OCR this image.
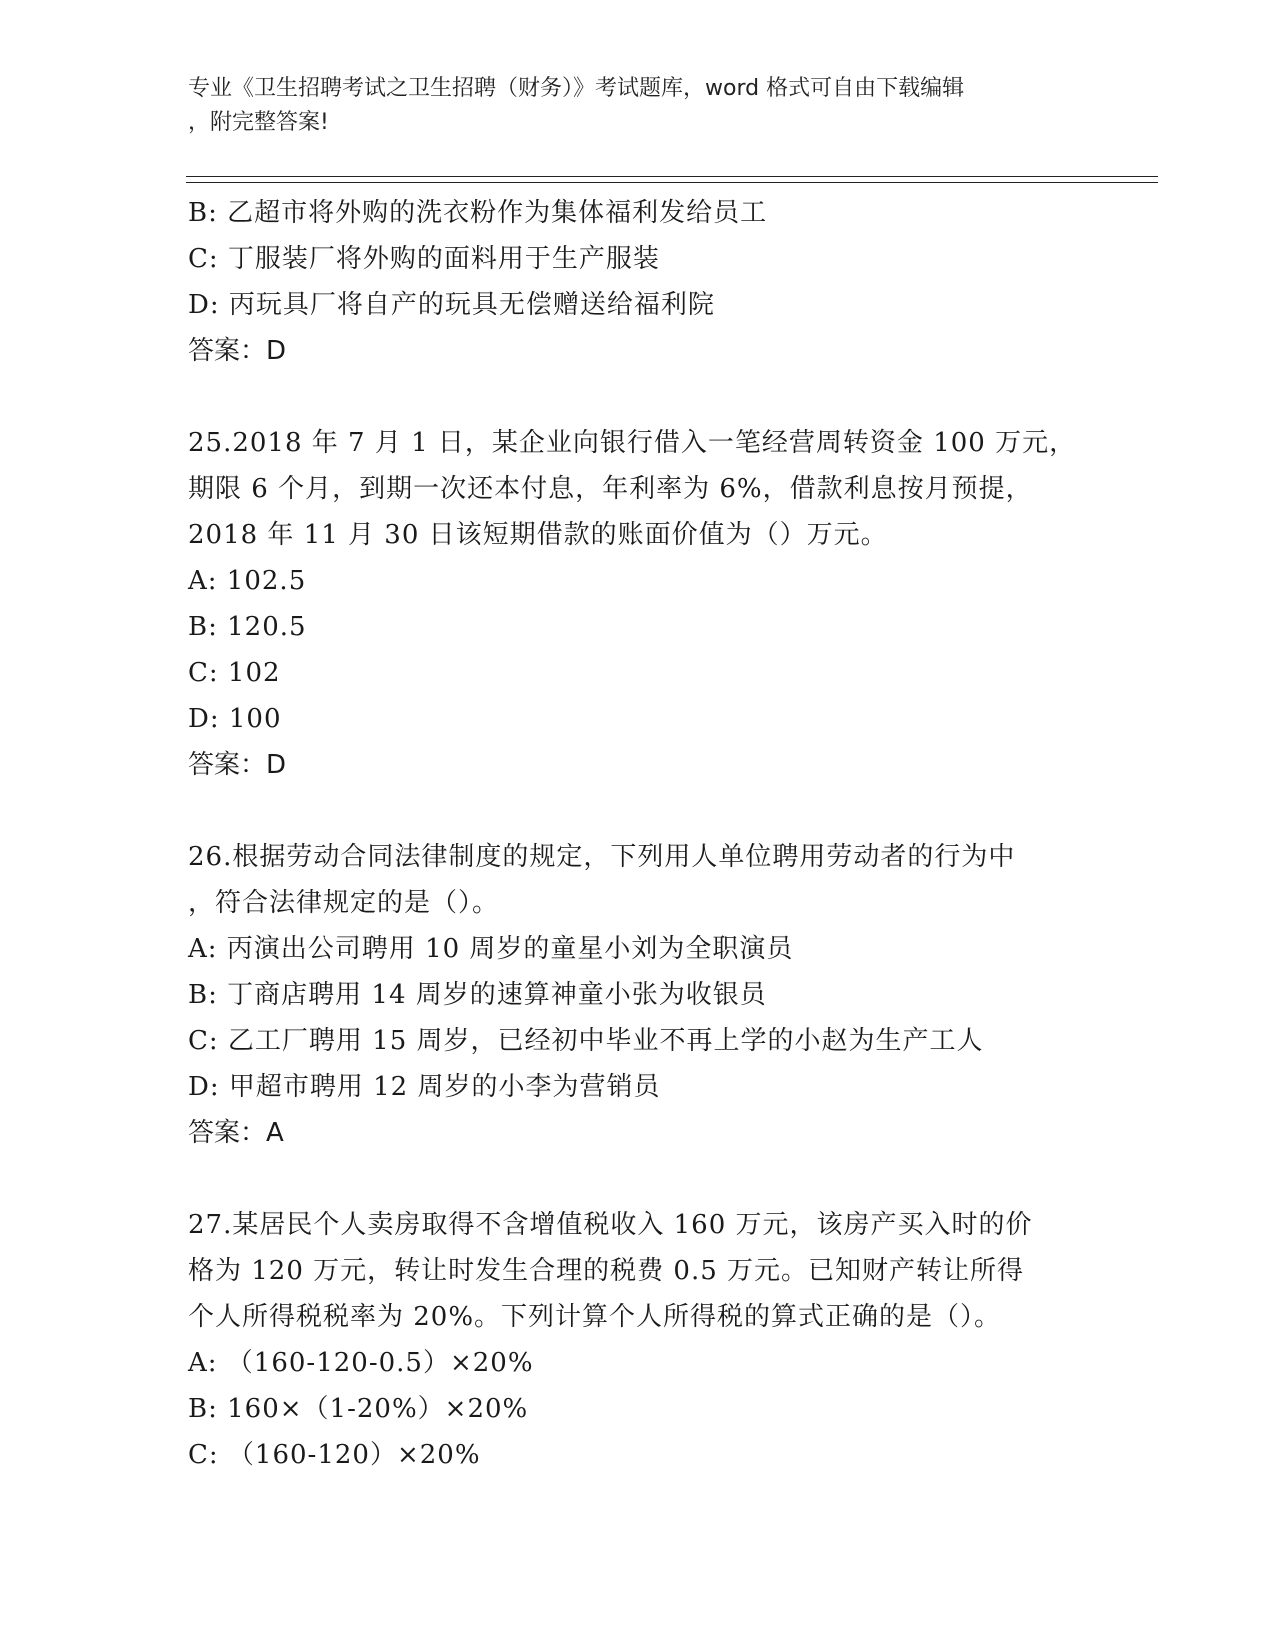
专业《卫生招聘考试之卫生招聘（财务）》考试题库，word 格式可自由下载编辑
，附完整答案!
B: 乙超市将外购的洗衣粉作为集体福利发给员工
C: 丁服装厂将外购的面料用于生产服装
D: 丙玩具厂将自产的玩具无偿赠送给福利院
答案：D
25.2018 年 7 月 1 日，某企业向银行借入一笔经营周转资金 100 万元，
期限 6 个月，到期一次还本付息，年利率为 6%，借款利息按月预提，
2018 年 11 月 30 日该短期借款的账面价值为（）万元。
A: 102.5
B: 120.5
C: 102
D: 100
答案：D
26.根据劳动合同法律制度的规定，下列用人单位聘用劳动者的行为中
，符合法律规定的是（）。
A: 丙演出公司聘用 10 周岁的童星小刘为全职演员
B: 丁商店聘用 14 周岁的速算神童小张为收银员
C: 乙工厂聘用 15 周岁，已经初中毕业不再上学的小赵为生产工人
D: 甲超市聘用 12 周岁的小李为营销员
答案：A
27.某居民个人卖房取得不含增值税收入 160 万元，该房产买入时的价
格为 120 万元，转让时发生合理的税费 0.5 万元。已知财产转让所得
个人所得税税率为 20%。下列计算个人所得税的算式正确的是（）。
A: （160-120-0.5）×20%
B: 160×（1-20%）×20%
C: （160-120）×20%
